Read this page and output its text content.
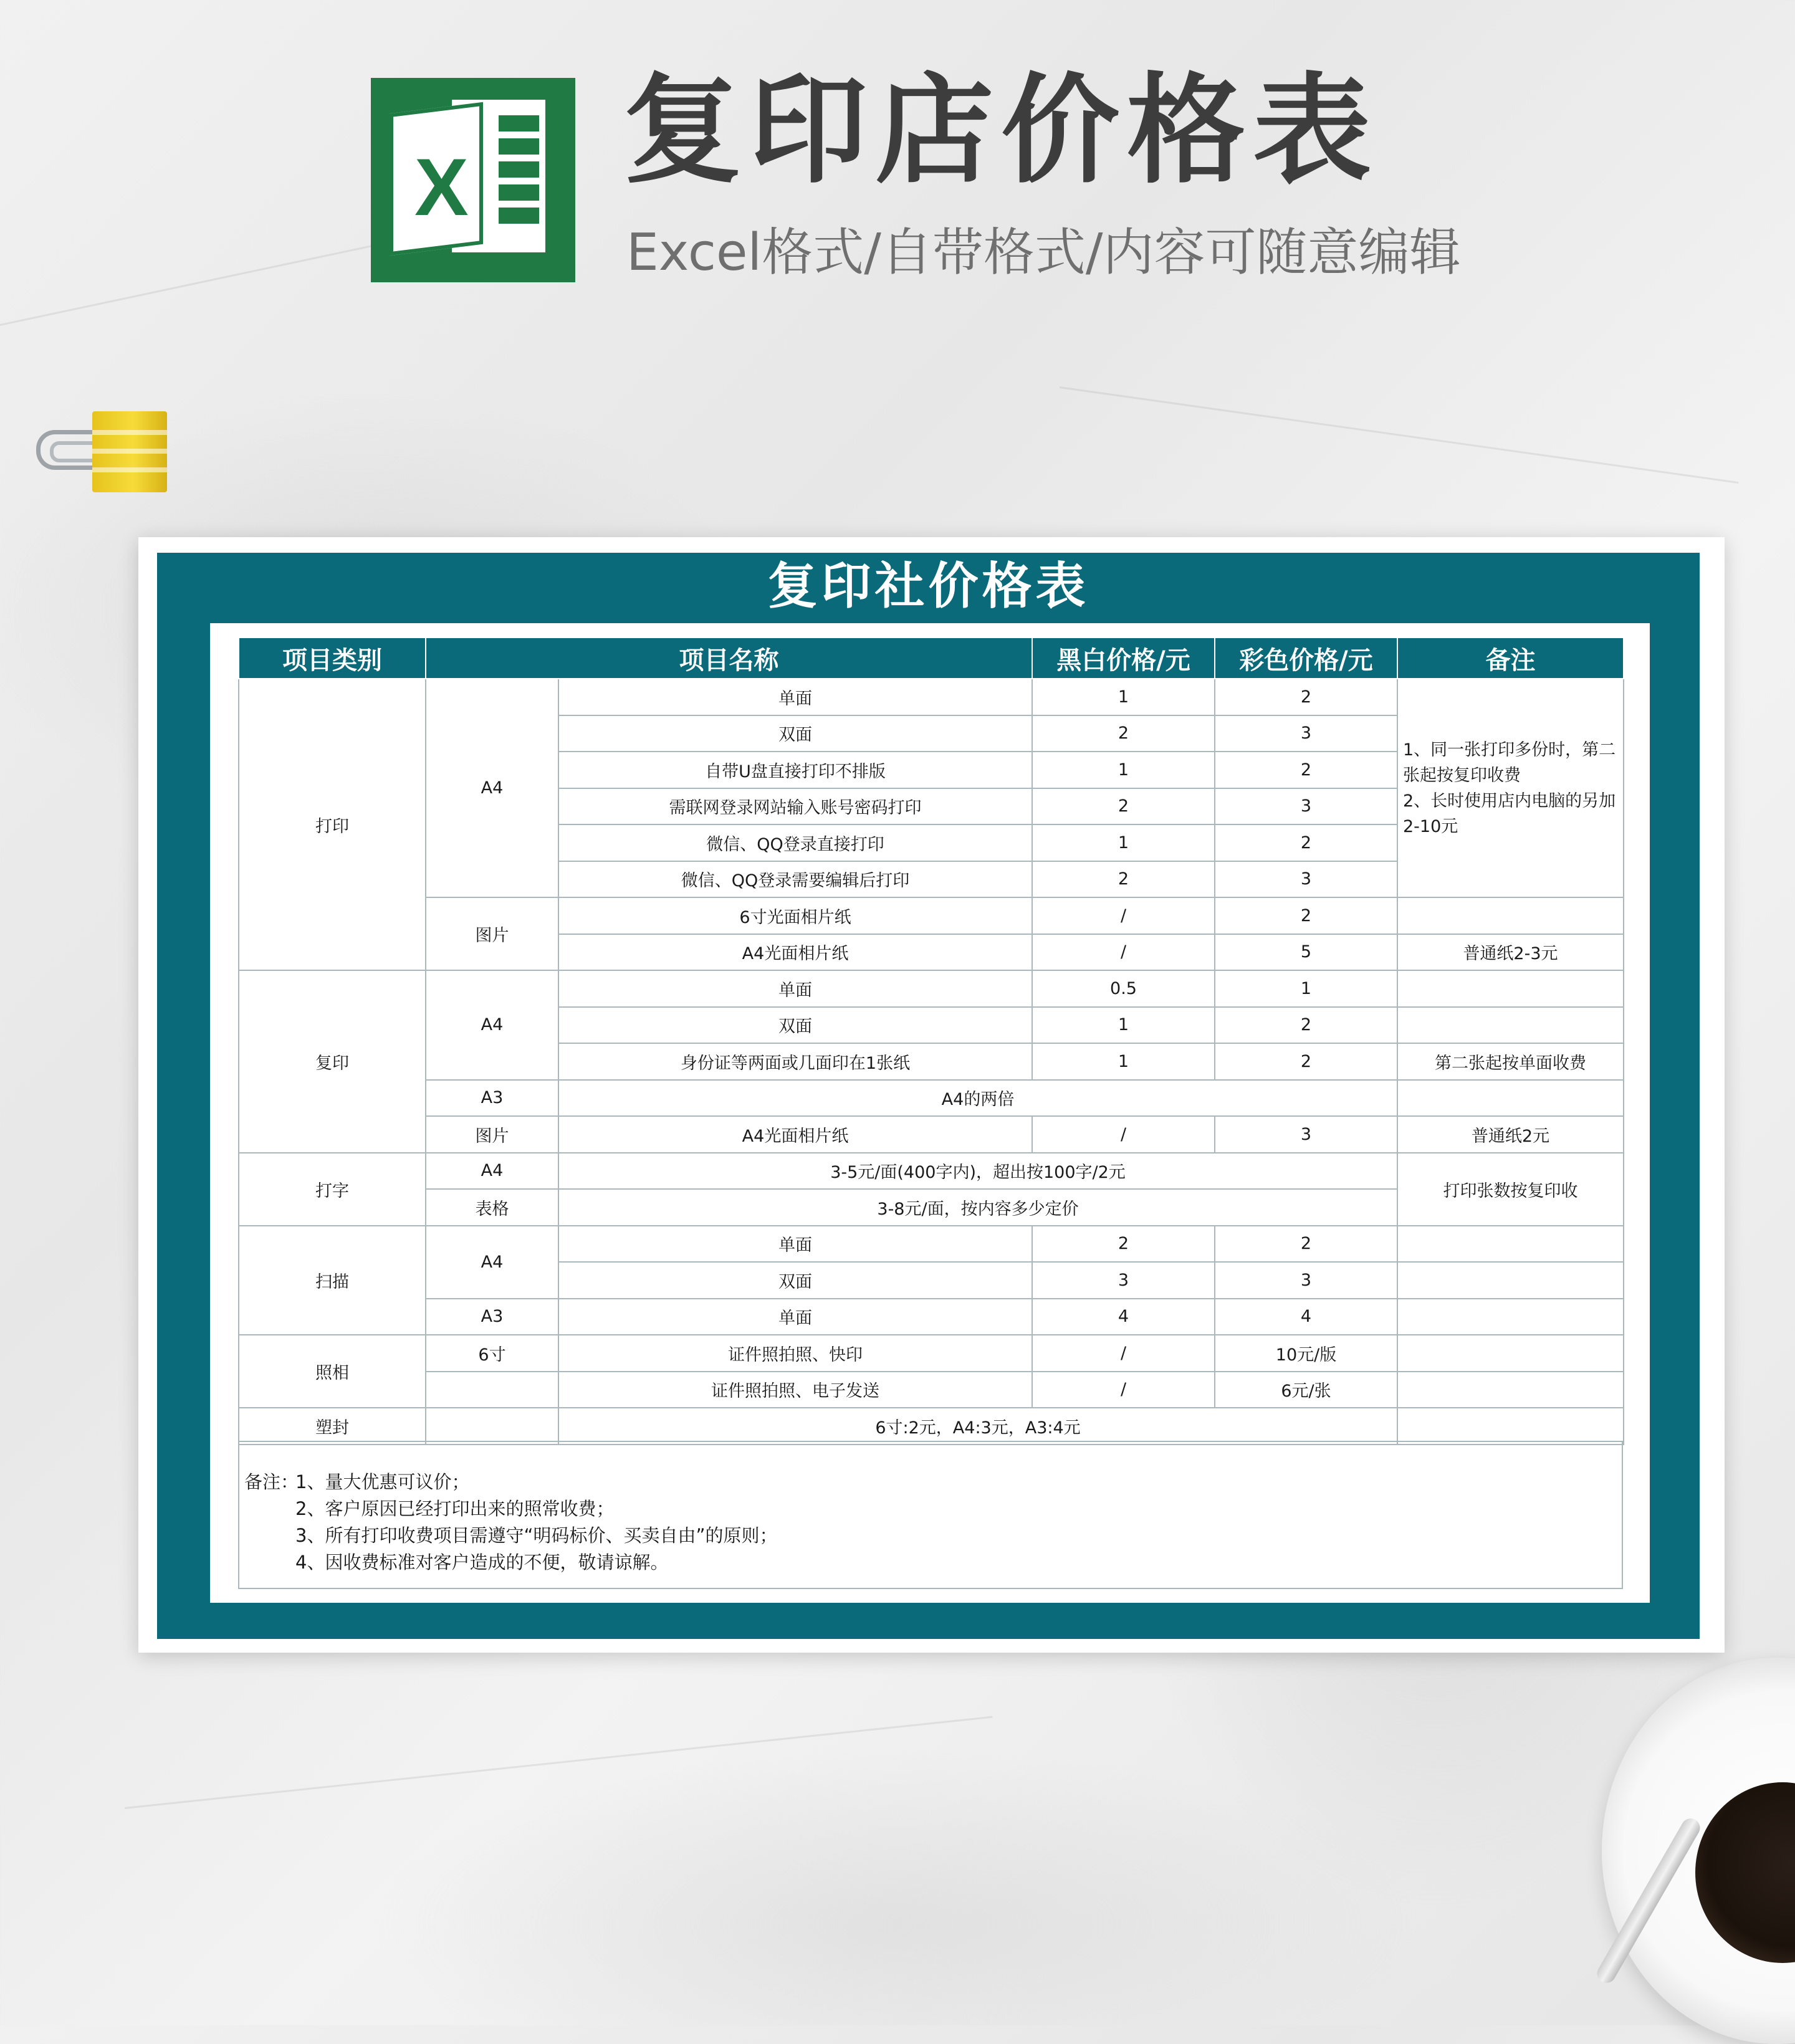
X 复印店价格表
Excel格式/自带格式/内容可随意编辑
复印社价格表
项目类别	项目名称		黑白价格/元	彩色价格/元	备注
打印	A4	单面	1	2	1、同一张打印多份时，第二张起按复印收费
2、长时使用店内电脑的另加2-10元
		双面	2	3	
		自带U盘直接打印不排版	1	2	
		需联网登录网站输入账号密码打印	2	3	
		微信、QQ登录直接打印	1	2	
		微信、QQ登录需要编辑后打印	2	3	
	图片	6寸光面相片纸	/	2	
		A4光面相片纸	/	5	普通纸2-3元
复印	A4	单面	0.5	1	
		双面	1	2	
		身份证等两面或几面印在1张纸	1	2	第二张起按单面收费
	A3	A4的两倍			
	图片	A4光面相片纸	/	3	普通纸2元
打字	A4	3-5元/面(400字内)，超出按100字/2元			打印张数按复印收
	表格	3-8元/面，按内容多少定价			
扫描	A4	单面	2	2	
		双面	3	3	
	A3	单面	4	4	
照相	6寸	证件照拍照、快印	/	10元/版	
		证件照拍照、电子发送	/	6元/张	
塑封		6寸:2元，A4:3元，A3:4元			
备注：
1、量大优惠可议价；
2、客户原因已经打印出来的照常收费；
3、所有打印收费项目需遵守“明码标价、买卖自由”的原则；
4、因收费标准对客户造成的不便，敬请谅解。
